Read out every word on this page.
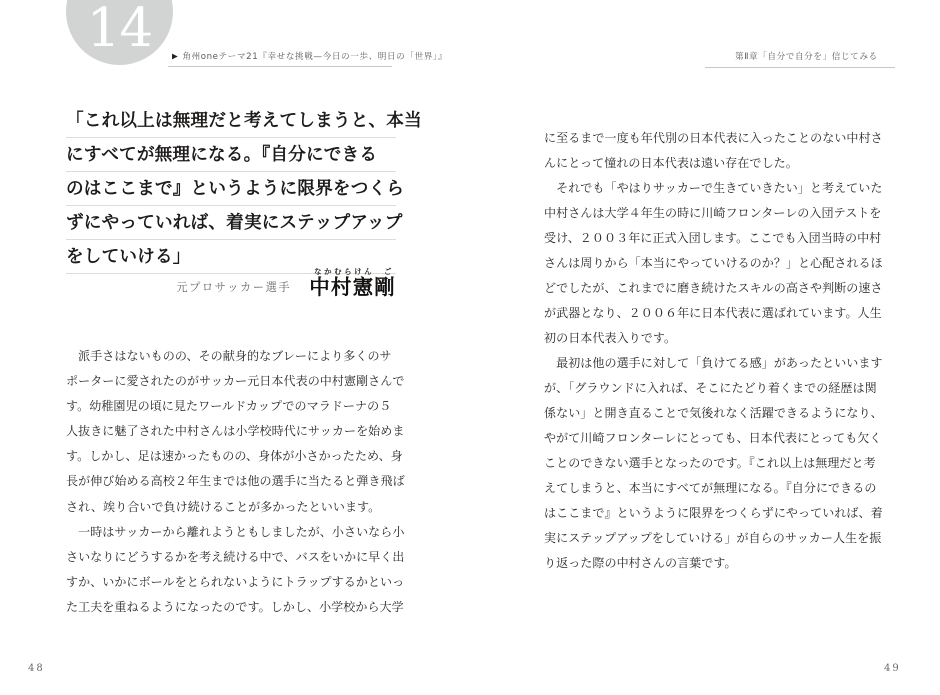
14	▶ 角州oneテーマ21『幸せな挑戦—今日の一歩、明日の「世界」』
「これ以上は無理だと考えてしまうと、本当
にすべてが無理になる。『自分にできる
のはここまで』というように限界をつくら
ずにやっていれば、着実にステップアップ
をしていける」
元プロサッカー選手
なかむらけん　ご
中村憲剛
　派手さはないものの、その献身的なブレーにより多くのサ
ポーターに愛されたのがサッカー元日本代表の中村憲剛さんで
す。幼稚園児の頃に見たワールドカップでのマラドーナの５
人抜きに魅了された中村さんは小学校時代にサッカーを始めま
す。しかし、足は速かったものの、身体が小さかったため、身
長が伸び始める高校２年生までは他の選手に当たると弾き飛ば
され、竢り合いで負け続けることが多かったといいます。
　一時はサッカーから離れようともしましたが、小さいなら小
さいなりにどうするかを考え続ける中で、バスをいかに早く出
すか、いかにボールをとられないようにトラップするかといっ
た工夫を重ねるようになったのです。しかし、小学校から大学
48
第Ⅱ章「自分で自分を」信じてみる
に至るまで一度も年代別の日本代表に入ったことのない中村さ
んにとって憧れの日本代表は遠い存在でした。
　それでも「やはりサッカーで生きていきたい」と考えていた
中村さんは大学４年生の時に川崎フロンターレの入団テストを
受け、２００３年に正式入団します。ここでも入団当時の中村
さんは周りから「本当にやっていけるのか？」と心配されるほ
どでしたが、これまでに磨き続けたスキルの高さや判断の速さ
が武器となり、２００６年に日本代表に選ばれています。人生
初の日本代表入りです。
　最初は他の選手に対して「負けてる感」があったといいます
が、「グラウンドに入れば、そこにたどり着くまでの経歴は関
係ない」と開き直ることで気後れなく活躍できるようになり、
やがて川崎フロンターレにとっても、日本代表にとっても欠く
ことのできない選手となったのです。『これ以上は無理だと考
えてしまうと、本当にすべてが無理になる。『自分にできるの
はここまで』というように限界をつくらずにやっていれば、着
実にステップアップをしていける」が自らのサッカー人生を振
り返った際の中村さんの言葉です。
49
